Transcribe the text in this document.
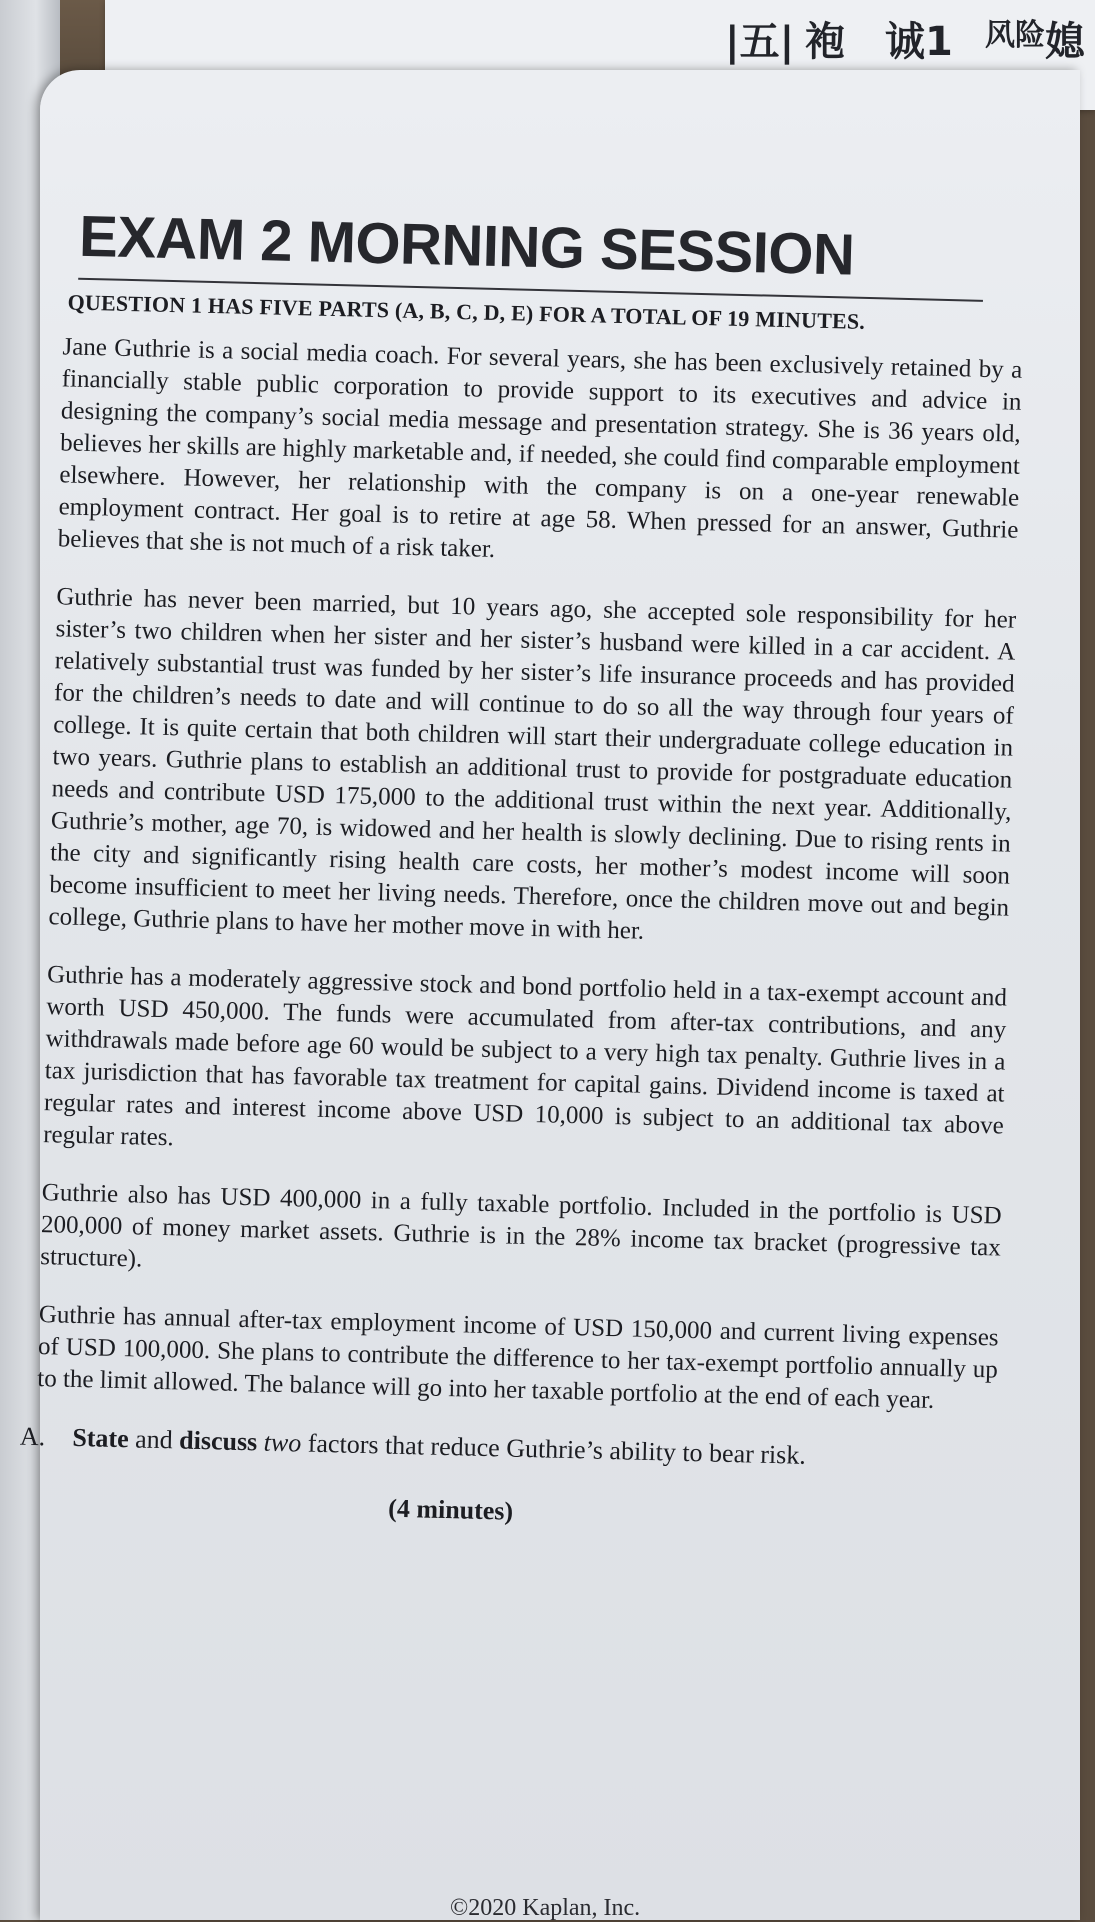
|五| 袍 诚1 风险 媳
EXAM 2 MORNING SESSION
QUESTION 1 HAS FIVE PARTS (A, B, C, D, E) FOR A TOTAL OF 19 MINUTES.

Jane Guthrie is a social media coach. For several years, she has been exclusively retained by a financially stable public corporation to provide support to its executives and advice in designing the company’s social media message and presentation strategy. She is 36 years old, believes her skills are highly marketable and, if needed, she could find comparable employment elsewhere. However, her relationship with the company is on a one-year renewable employment contract. Her goal is to retire at age 58. When pressed for an answer, Guthrie believes that she is not much of a risk taker.

Guthrie has never been married, but 10 years ago, she accepted sole responsibility for her sister’s two children when her sister and her sister’s husband were killed in a car accident. A relatively substantial trust was funded by her sister’s life insurance proceeds and has provided for the children’s needs to date and will continue to do so all the way through four years of college. It is quite certain that both children will start their undergraduate college education in two years. Guthrie plans to establish an additional trust to provide for postgraduate education needs and contribute USD 175,000 to the additional trust within the next year. Additionally, Guthrie’s mother, age 70, is widowed and her health is slowly declining. Due to rising rents in the city and significantly rising health care costs, her mother’s modest income will soon become insufficient to meet her living needs. Therefore, once the children move out and begin college, Guthrie plans to have her mother move in with her.

Guthrie has a moderately aggressive stock and bond portfolio held in a tax-exempt account and worth USD 450,000. The funds were accumulated from after-tax contributions, and any withdrawals made before age 60 would be subject to a very high tax penalty. Guthrie lives in a tax jurisdiction that has favorable tax treatment for capital gains. Dividend income is taxed at regular rates and interest income above USD 10,000 is subject to an additional tax above regular rates.

Guthrie also has USD 400,000 in a fully taxable portfolio. Included in the portfolio is USD 200,000 of money market assets. Guthrie is in the 28% income tax bracket (progressive tax structure).

Guthrie has annual after-tax employment income of USD 150,000 and current living expenses of USD 100,000. She plans to contribute the difference to her tax-exempt portfolio annually up to the limit allowed. The balance will go into her taxable portfolio at the end of each year.

A. State and discuss two factors that reduce Guthrie’s ability to bear risk.
(4 minutes)
©2020 Kaplan, Inc.
